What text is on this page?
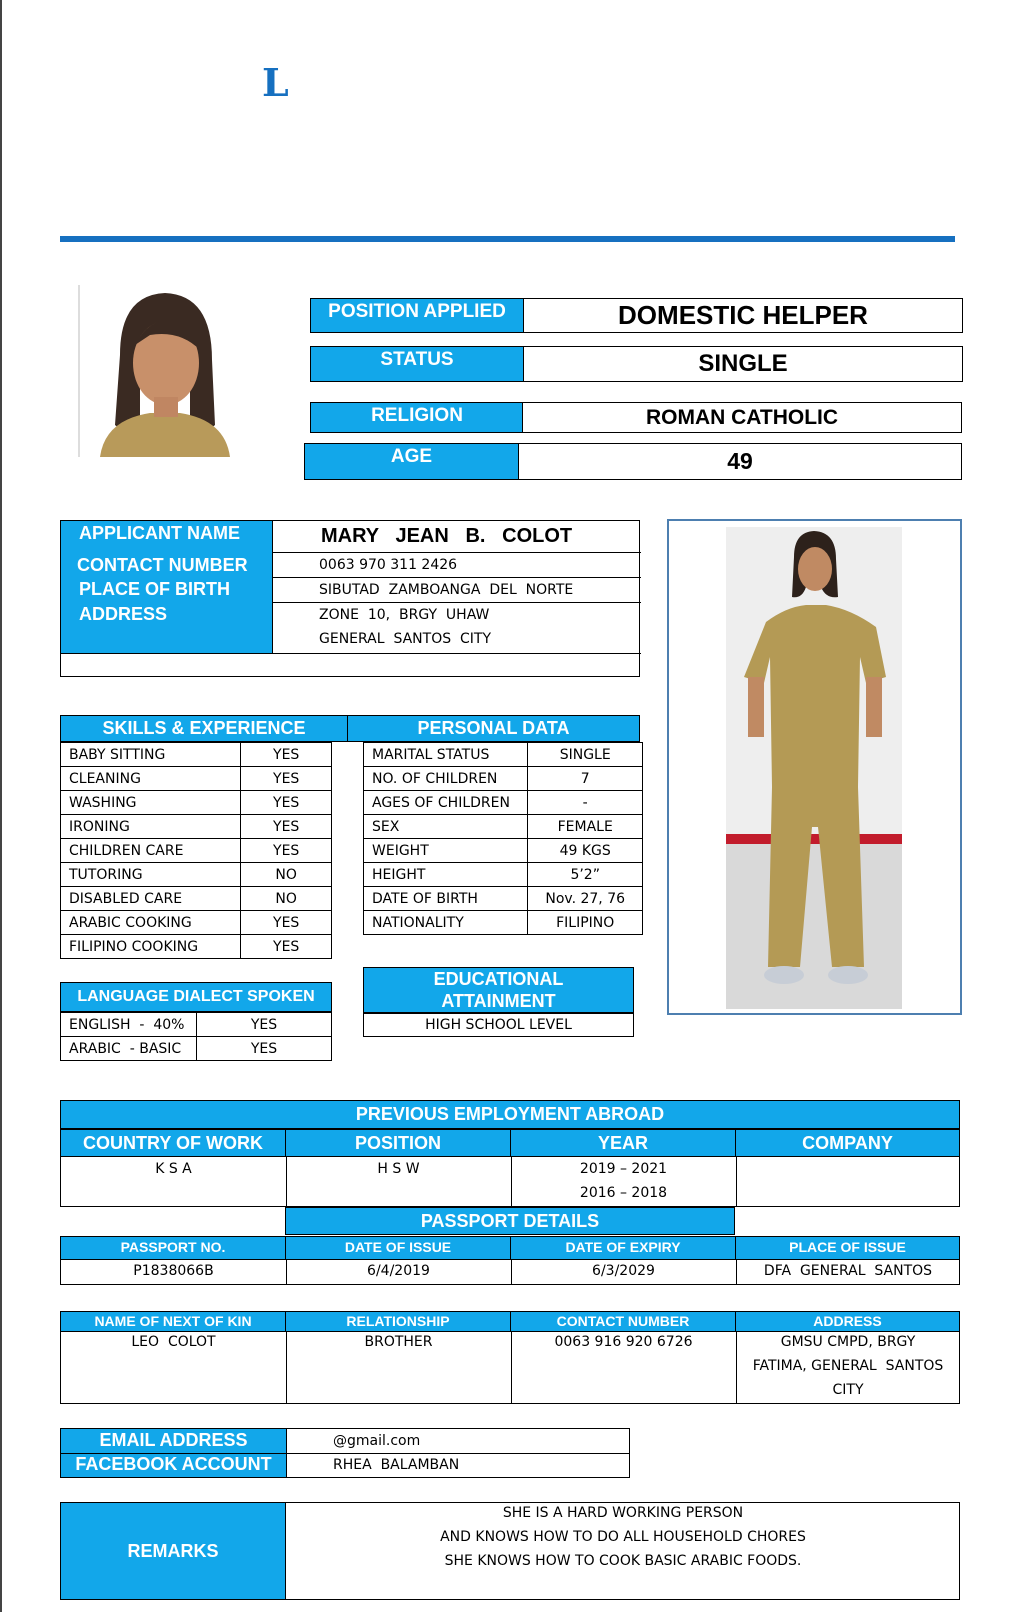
L
POSITION APPLIED	DOMESTIC HELPER
STATUS	SINGLE
RELIGION	ROMAN CATHOLIC
AGE	49
APPLICANT NAME	MARY   JEAN   B.   COLOT
CONTACT NUMBER	0063 970 311 2426
PLACE OF BIRTH	SIBUTAD  ZAMBOANGA  DEL  NORTE
ADDRESS	ZONE  10,  BRGY  UHAW
GENERAL  SANTOS  CITY
SKILLS & EXPERIENCE	PERSONAL DATA
BABY SITTING	YES
CLEANING	YES
WASHING	YES
IRONING	YES
CHILDREN CARE	YES
TUTORING	NO
DISABLED CARE	NO
ARABIC COOKING	YES
FILIPINO COOKING	YES
MARITAL STATUS	SINGLE
NO. OF CHILDREN	7
AGES OF CHILDREN	-
SEX	FEMALE
WEIGHT	49 KGS
HEIGHT	5’2”
DATE OF BIRTH	Nov. 27, 76
NATIONALITY	FILIPINO
LANGUAGE DIALECT SPOKEN
ENGLISH  -  40%	YES
ARABIC  - BASIC	YES
EDUCATIONAL
ATTAINMENT
HIGH SCHOOL LEVEL
PREVIOUS EMPLOYMENT ABROAD
COUNTRY OF WORK	POSITION	YEAR	COMPANY
K S A	H S W	2019 – 2021
2016 – 2018
PASSPORT DETAILS
PASSPORT NO.	DATE OF ISSUE	DATE OF EXPIRY	PLACE OF ISSUE
P1838066B	6/4/2019	6/3/2029	DFA  GENERAL  SANTOS
NAME OF NEXT OF KIN	RELATIONSHIP	CONTACT NUMBER	ADDRESS
LEO  COLOT	BROTHER	0063 916 920 6726	GMSU CMPD, BRGY
FATIMA, GENERAL  SANTOS
CITY
EMAIL ADDRESS	@gmail.com
FACEBOOK ACCOUNT	RHEA  BALAMBAN
REMARKS
SHE IS A HARD WORKING PERSON
AND KNOWS HOW TO DO ALL HOUSEHOLD CHORES
SHE KNOWS HOW TO COOK BASIC ARABIC FOODS.
